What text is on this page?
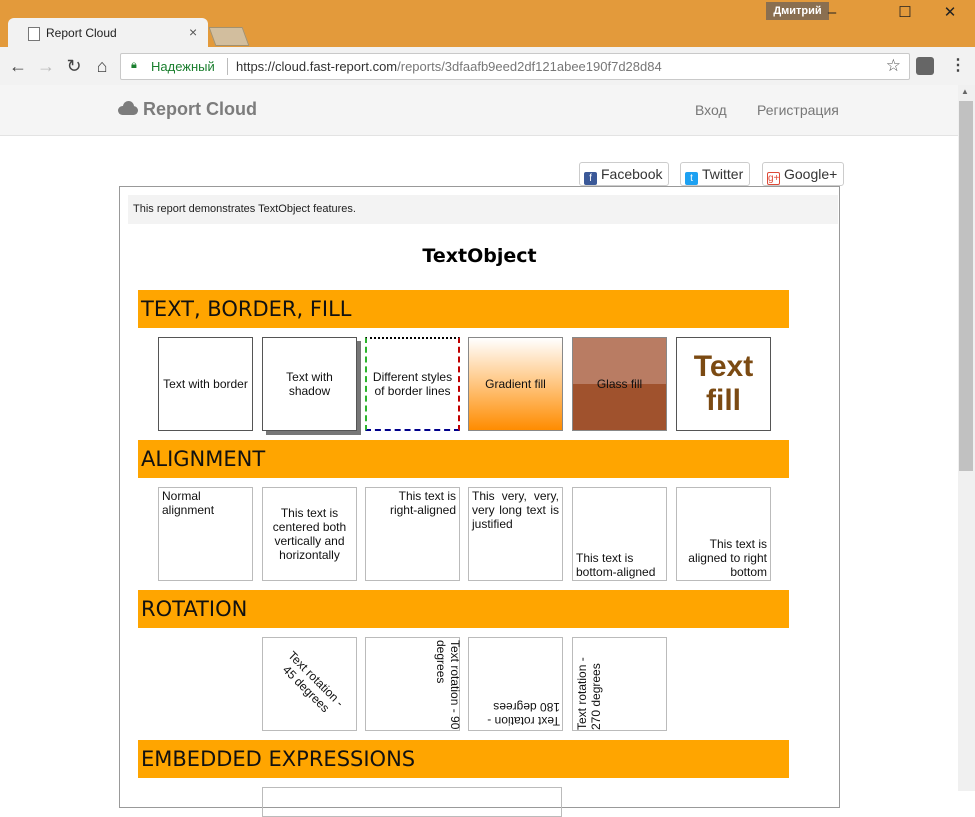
Report Cloud	×
Дмитрий –	☐	✕
← → ↻ ⌂	🔒︎ Надежный https://cloud.fast-report.com/reports/3dfaafb9eed2df121abee190f7d28d84	☆	⋮
Report Cloud	Вход Регистрация
f Facebook	t Twitter	g+ Google+
This report demonstrates TextObject features.
TextObject
TEXT, BORDER, FILL
Text with border	Text with shadow
Different styles of border lines	Gradient fill	Glass fill
Text fill
ALIGNMENT
Normal alignment	This text is centered both vertically and horizontally
This text is right-aligned
This very, very, very long text is justified
This text is bottom-aligned
This text is aligned to right bottom
ROTATION
Text rotation - 45 degrees	Text rotation - 90 degrees
Text rotation - 180 degrees Text rotation - 270 degrees
EMBEDDED EXPRESSIONS
▲
